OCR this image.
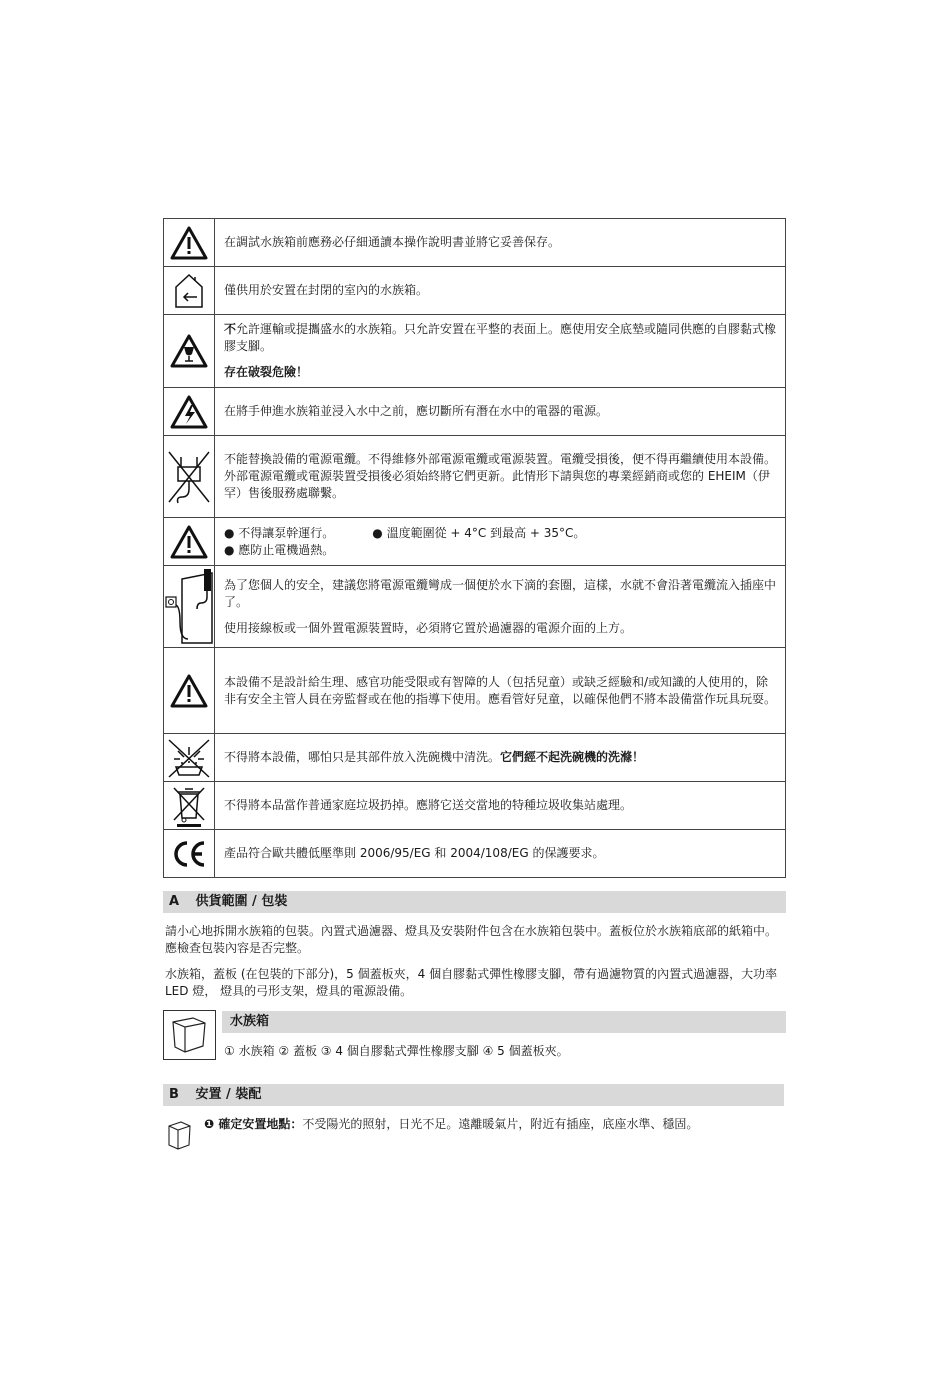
	在調試水族箱前應務必仔細通讀本操作說明書並將它妥善保存。

	僅供用於安置在封閉的室內的水族箱。

不允許運輸或提攜盛水的水族箱。只允許安置在平整的表面上。應使用安全底墊或隨同供應的自膠黏式橡膠支腳。

存在破裂危險！

	在將手伸進水族箱並浸入水中之前，應切斷所有潛在水中的電器的電源。

	不能替換設備的電源電纜。不得維修外部電源電纜或電源裝置。電纜受損後，便不得再繼續使用本設備。外部電源電纜或電源裝置受損後必須始終將它們更新。此情形下請與您的專業經銷商或您的 EHEIM（伊罕）售後服務處聯繫。

● 不得讓泵幹運行。 ● 溫度範圍從 + 4°C 到最高 + 35°C。

● 應防止電機過熱。

為了您個人的安全，建議您將電源電纜彎成一個便於水下滴的套圈，這樣，水就不會沿著電纜流入插座中了。

使用接線板或一個外置電源裝置時，必須將它置於過濾器的電源介面的上方。

	本設備不是設計給生理、感官功能受限或有智障的人（包括兒童）或缺乏經驗和/或知識的人使用的，除非有安全主管人員在旁監督或在他的指導下使用。應看管好兒童，以確保他們不將本設備當作玩具玩耍。

	不得將本設備，哪怕只是其部件放入洗碗機中清洗。它們經不起洗碗機的洗滌！

	不得將本品當作普通家庭垃圾扔掉。應將它送交當地的特種垃圾收集站處理。

	產品符合歐共體低壓準則 2006/95/EG 和 2004/108/EG 的保護要求。
A 供貨範圍 / 包裝

請小心地拆開水族箱的包裝。內置式過濾器、燈具及安裝附件包含在水族箱包裝中。蓋板位於水族箱底部的紙箱中。應檢查包裝內容是否完整。

水族箱，蓋板 (在包裝的下部分)，5 個蓋板夾，4 個自膠黏式彈性橡膠支腳，帶有過濾物質的內置式過濾器，大功率 LED 燈， 燈具的弓形支架，燈具的電源設備。

水族箱

① 水族箱 ② 蓋板 ③ 4 個自膠黏式彈性橡膠支腳 ④ 5 個蓋板夾。

B 安置 / 裝配

❶ 確定安置地點：不受陽光的照射，日光不足。遠離暖氣片，附近有插座，底座水準、穩固。
